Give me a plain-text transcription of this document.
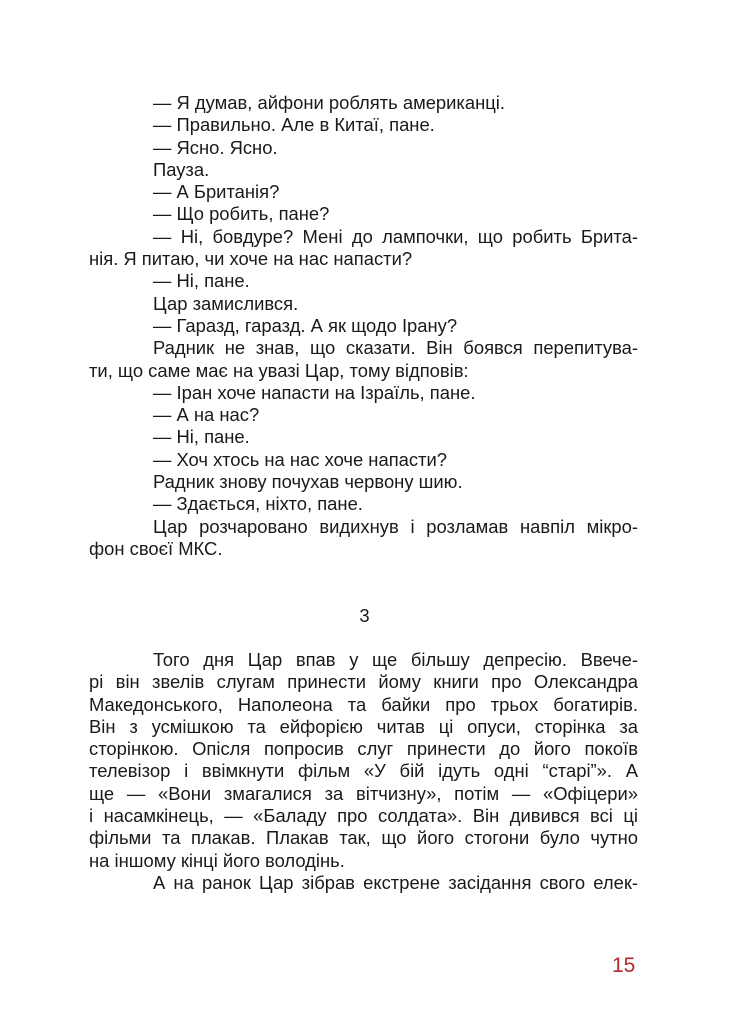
— Я думав, айфони роблять американці.
— Правильно. Але в Китаї, пане.
— Ясно. Ясно.
Пауза.
— А Британія?
— Що робить, пане?
— Ні, бовдуре? Мені до лампочки, що робить Брита-
нія. Я питаю, чи хоче на нас напасти?
— Ні, пане.
Цар замислився.
— Гаразд, гаразд. А як щодо Ірану?
Радник не знав, що сказати. Він боявся перепитува-
ти, що саме має на увазі Цар, тому відповів:
— Іран хоче напасти на Ізраїль, пане.
— А на нас?
— Ні, пане.
— Хоч хтось на нас хоче напасти?
Радник знову почухав червону шию.
— Здається, ніхто, пане.
Цар розчаровано видихнув і розламав навпіл мікро-
фон своєї МКС.
3
Того дня Цар впав у ще більшу депресію. Ввече-
рі він звелів слугам принести йому книги про Олександра
Македонського, Наполеона та байки про трьох богатирів.
Він з усмішкою та ейфорією читав ці опуси, сторінка за
сторінкою. Опісля попросив слуг принести до його покоїв
телевізор і ввімкнути фільм «У бій ідуть одні “старі”». А
ще — «Вони змагалися за вітчизну», потім — «Офіцери»
і насамкінець, — «Баладу про солдата». Він дивився всі ці
фільми та плакав. Плакав так, що його стогони було чутно
на іншому кінці його володінь.
А на ранок Цар зібрав екстрене засідання свого елек-
15
